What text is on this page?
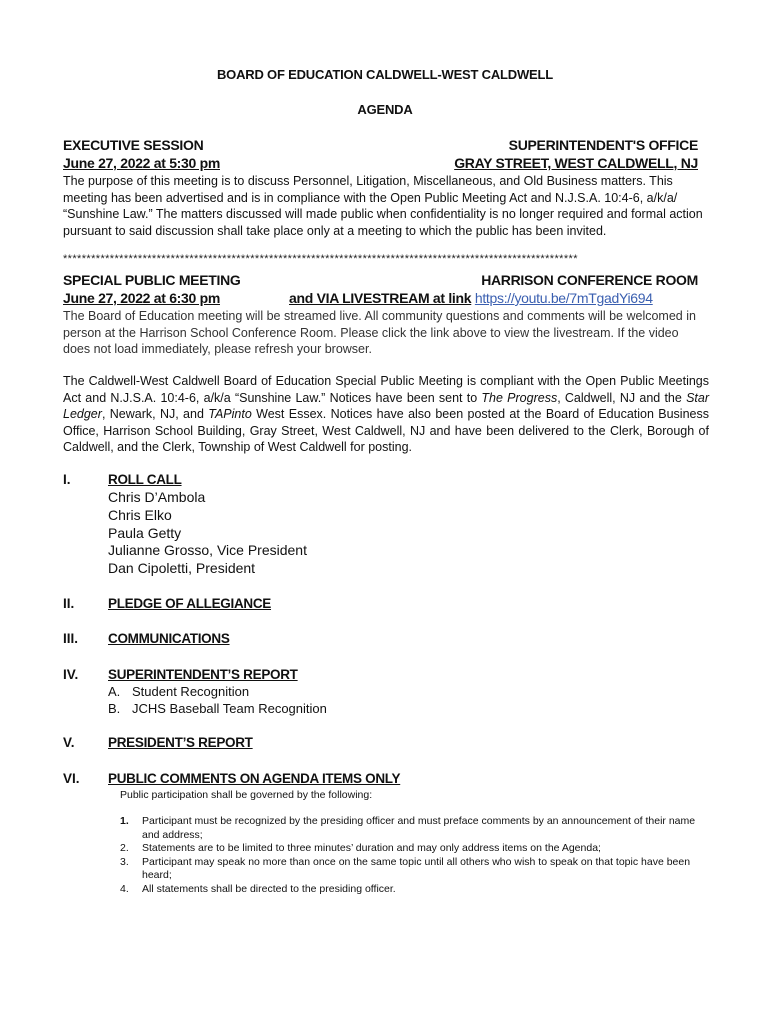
BOARD OF EDUCATION CALDWELL-WEST CALDWELL
AGENDA
EXECUTIVE SESSION
June 27, 2022 at 5:30 pm
SUPERINTENDENT'S OFFICE
GRAY STREET, WEST CALDWELL, NJ
The purpose of this meeting is to discuss Personnel, Litigation, Miscellaneous, and Old Business matters. This meeting has been advertised and is in compliance with the Open Public Meeting Act and N.J.S.A. 10:4-6, a/k/a/ “Sunshine Law.” The matters discussed will made public when confidentiality is no longer required and formal action pursuant to said discussion shall take place only at a meeting to which the public has been invited.
**************************************************************************************************************
SPECIAL PUBLIC MEETING
June 27, 2022 at 6:30 pm
HARRISON CONFERENCE ROOM
and VIA LIVESTREAM at link https://youtu.be/7mTgadYi694
The Board of Education meeting will be streamed live. All community questions and comments will be welcomed in person at the Harrison School Conference Room. Please click the link above to view the livestream. If the video does not load immediately, please refresh your browser.
The Caldwell-West Caldwell Board of Education Special Public Meeting is compliant with the Open Public Meetings Act and N.J.S.A. 10:4-6, a/k/a “Sunshine Law.” Notices have been sent to The Progress, Caldwell, NJ and the Star Ledger, Newark, NJ, and TAPinto West Essex. Notices have also been posted at the Board of Education Business Office, Harrison School Building, Gray Street, West Caldwell, NJ and have been delivered to the Clerk, Borough of Caldwell, and the Clerk, Township of West Caldwell for posting.
I.	ROLL CALL
Chris D’Ambola
Chris Elko
Paula Getty
Julianne Grosso, Vice President
Dan Cipoletti, President
II. PLEDGE OF ALLEGIANCE
III. COMMUNICATIONS
IV. SUPERINTENDENT’S REPORT
A. Student Recognition
B. JCHS Baseball Team Recognition
V. PRESIDENT’S REPORT
VI. PUBLIC COMMENTS ON AGENDA ITEMS ONLY
Public participation shall be governed by the following:
1.	Participant must be recognized by the presiding officer and must preface comments by an announcement of their name and address;
2.	Statements are to be limited to three minutes’ duration and may only address items on the Agenda;
3.	Participant may speak no more than once on the same topic until all others who wish to speak on that topic have been heard;
4.	All statements shall be directed to the presiding officer.
